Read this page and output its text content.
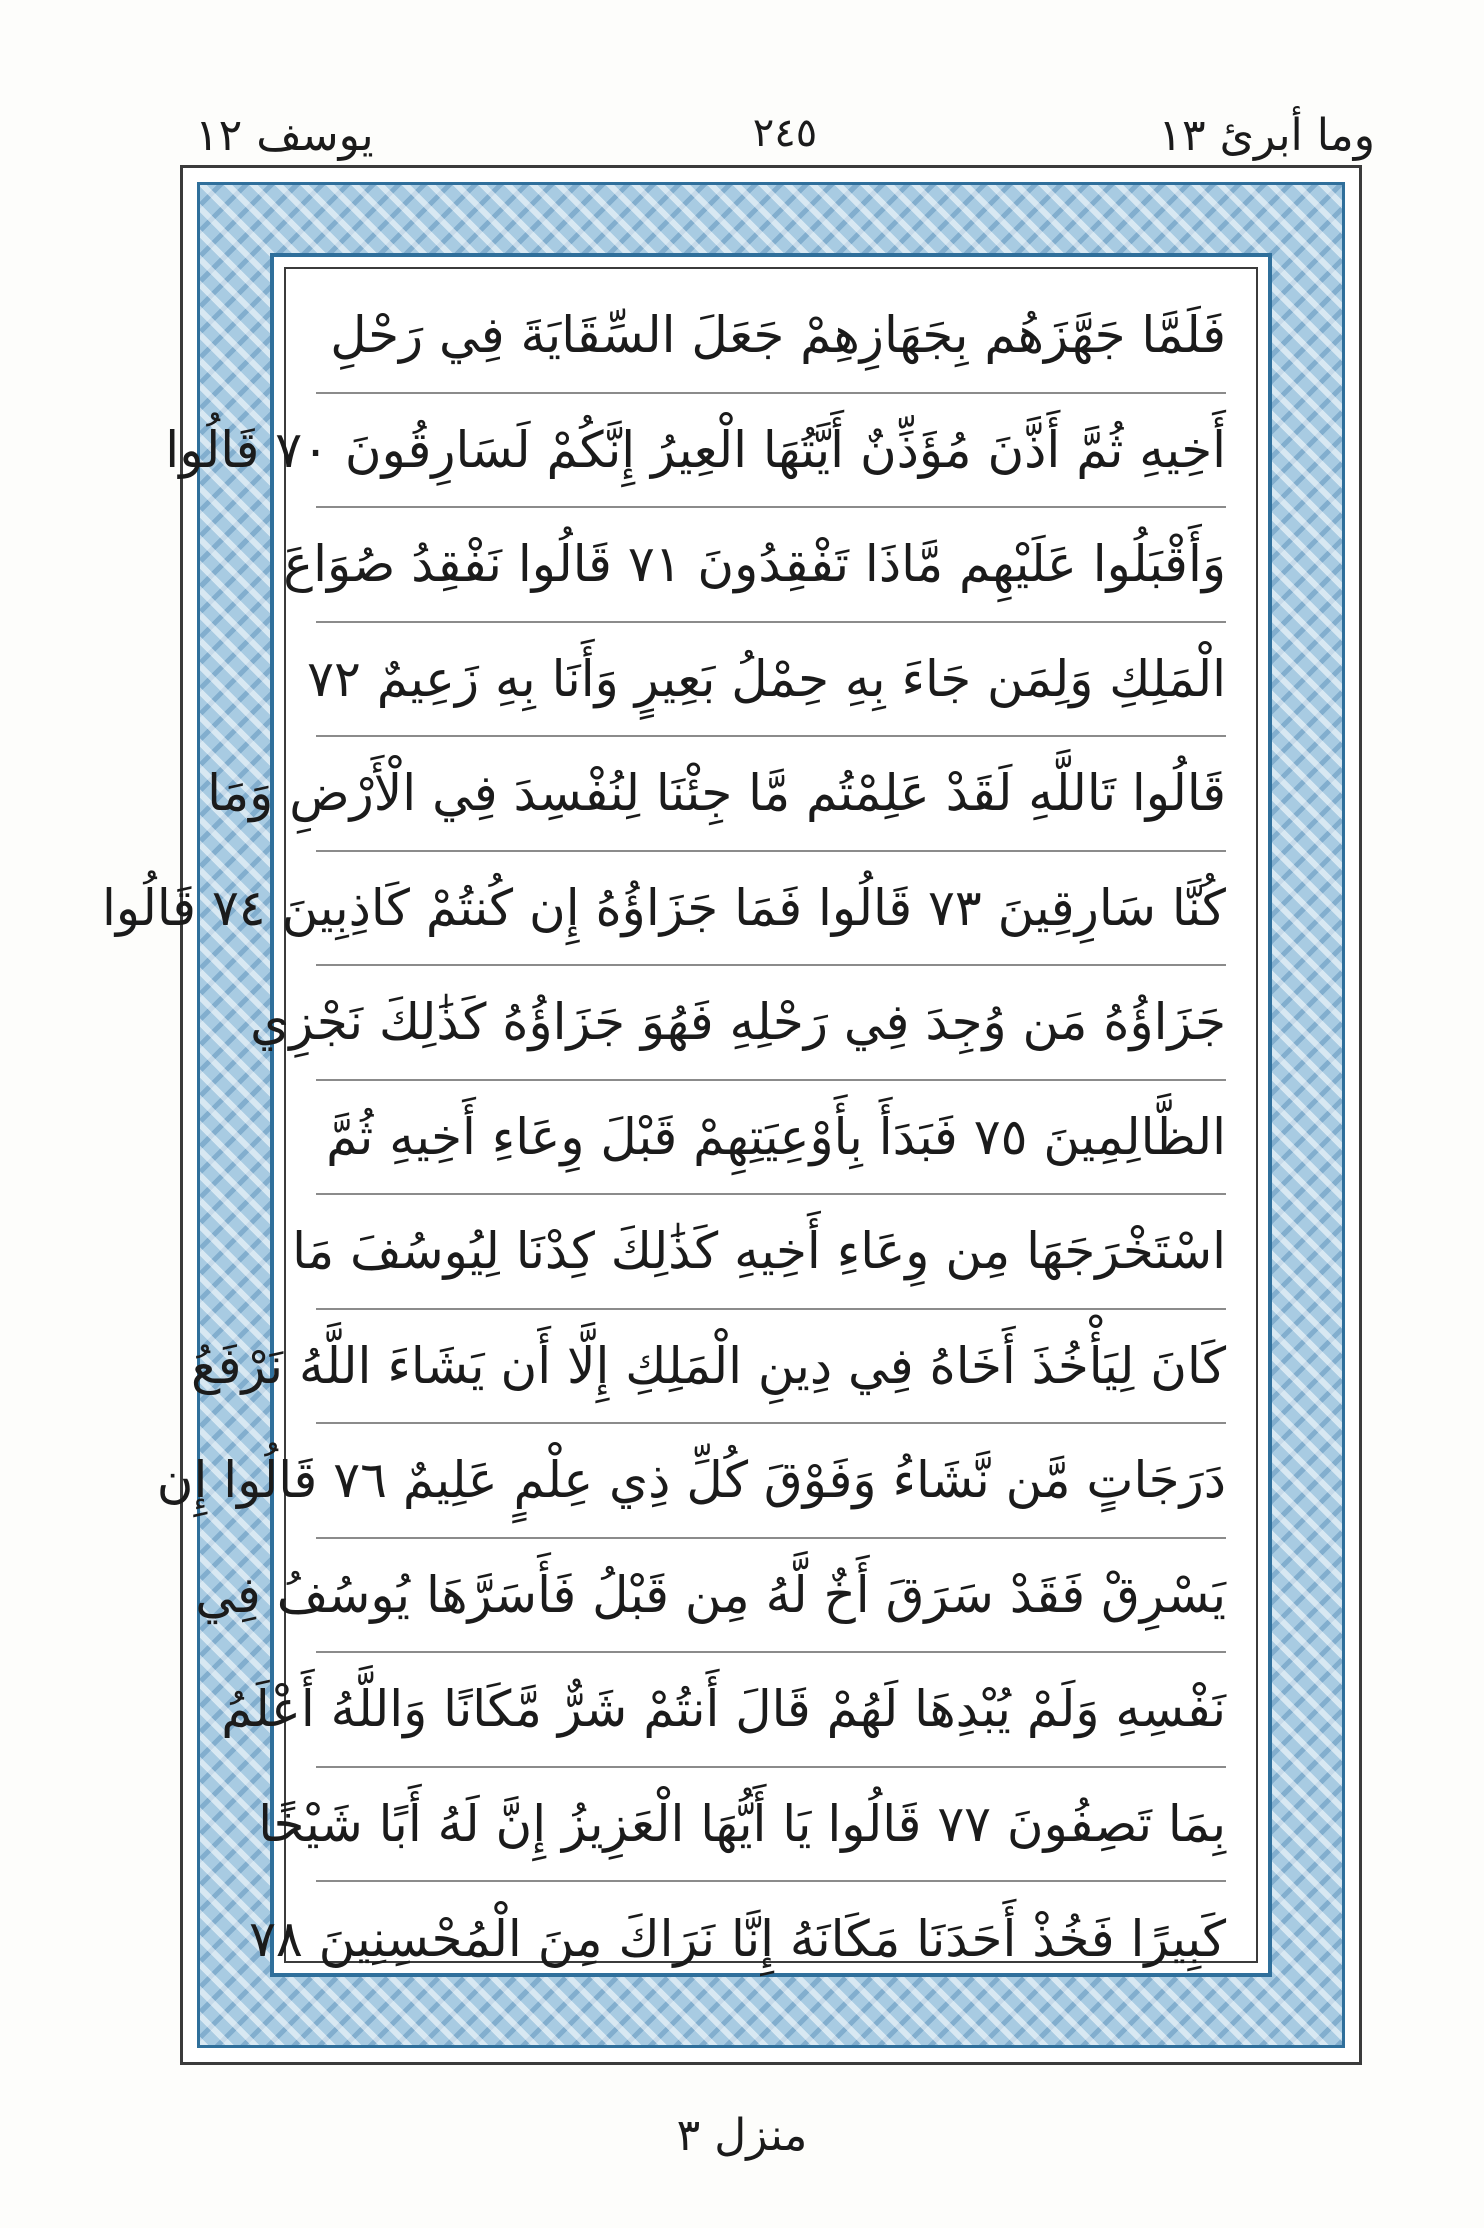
يوسف ١٢	٢٤٥	وما أبرئ ١٣
فَلَمَّا جَهَّزَهُم بِجَهَازِهِمْ جَعَلَ السِّقَايَةَ فِي رَحْلِ
أَخِيهِ ثُمَّ أَذَّنَ مُؤَذِّنٌ أَيَّتُهَا الْعِيرُ إِنَّكُمْ لَسَارِقُونَ ٧٠ قَالُوا
وَأَقْبَلُوا عَلَيْهِم مَّاذَا تَفْقِدُونَ ٧١ قَالُوا نَفْقِدُ صُوَاعَ
الْمَلِكِ وَلِمَن جَاءَ بِهِ حِمْلُ بَعِيرٍ وَأَنَا بِهِ زَعِيمٌ ٧٢
قَالُوا تَاللَّهِ لَقَدْ عَلِمْتُم مَّا جِئْنَا لِنُفْسِدَ فِي الْأَرْضِ وَمَا
كُنَّا سَارِقِينَ ٧٣ قَالُوا فَمَا جَزَاؤُهُ إِن كُنتُمْ كَاذِبِينَ ٧٤ قَالُوا
جَزَاؤُهُ مَن وُجِدَ فِي رَحْلِهِ فَهُوَ جَزَاؤُهُ كَذَٰلِكَ نَجْزِي
الظَّالِمِينَ ٧٥ فَبَدَأَ بِأَوْعِيَتِهِمْ قَبْلَ وِعَاءِ أَخِيهِ ثُمَّ
اسْتَخْرَجَهَا مِن وِعَاءِ أَخِيهِ كَذَٰلِكَ كِدْنَا لِيُوسُفَ مَا
كَانَ لِيَأْخُذَ أَخَاهُ فِي دِينِ الْمَلِكِ إِلَّا أَن يَشَاءَ اللَّهُ نَرْفَعُ
دَرَجَاتٍ مَّن نَّشَاءُ وَفَوْقَ كُلِّ ذِي عِلْمٍ عَلِيمٌ ٧٦ قَالُوا إِن
يَسْرِقْ فَقَدْ سَرَقَ أَخٌ لَّهُ مِن قَبْلُ فَأَسَرَّهَا يُوسُفُ فِي
نَفْسِهِ وَلَمْ يُبْدِهَا لَهُمْ قَالَ أَنتُمْ شَرٌّ مَّكَانًا وَاللَّهُ أَعْلَمُ
بِمَا تَصِفُونَ ٧٧ قَالُوا يَا أَيُّهَا الْعَزِيزُ إِنَّ لَهُ أَبًا شَيْخًا
كَبِيرًا فَخُذْ أَحَدَنَا مَكَانَهُ إِنَّا نَرَاكَ مِنَ الْمُحْسِنِينَ ٧٨
منزل ٣
